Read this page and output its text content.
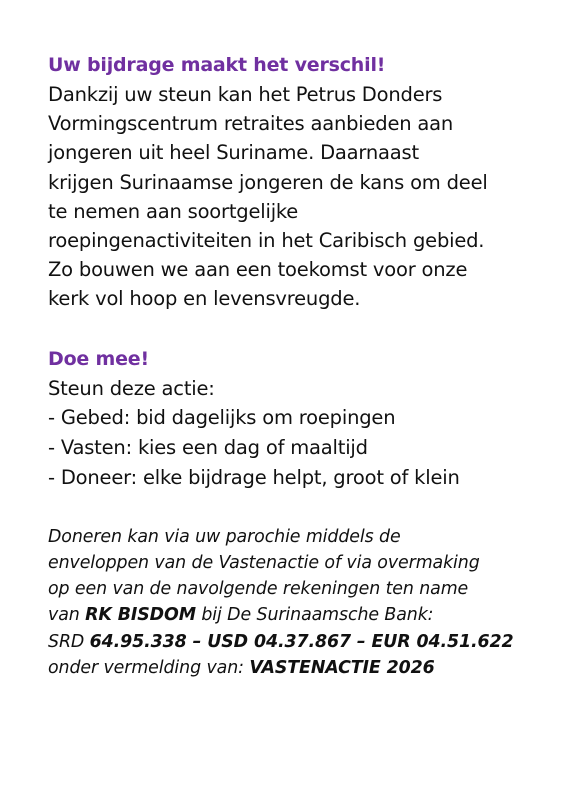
Uw bijdrage maakt het verschil!

Dankzij uw steun kan het Petrus Donders
Vormingscentrum retraites aanbieden aan
jongeren uit heel Suriname. Daarnaast
krijgen Surinaamse jongeren de kans om deel
te nemen aan soortgelijke
roepingenactiviteiten in het Caribisch gebied.
Zo bouwen we aan een toekomst voor onze
kerk vol hoop en levensvreugde.

Doe mee!

Steun deze actie:

- Gebed: bid dagelijks om roepingen
- Vasten: kies een dag of maaltijd
- Doneer: elke bijdrage helpt, groot of klein
Doneren kan via uw parochie middels de
enveloppen van de Vastenactie of via overmaking
op een van de navolgende rekeningen ten name
van RK BISDOM bij De Surinaamsche Bank:
SRD 64.95.338 – USD 04.37.867 – EUR 04.51.622
onder vermelding van: VASTENACTIE 2026
